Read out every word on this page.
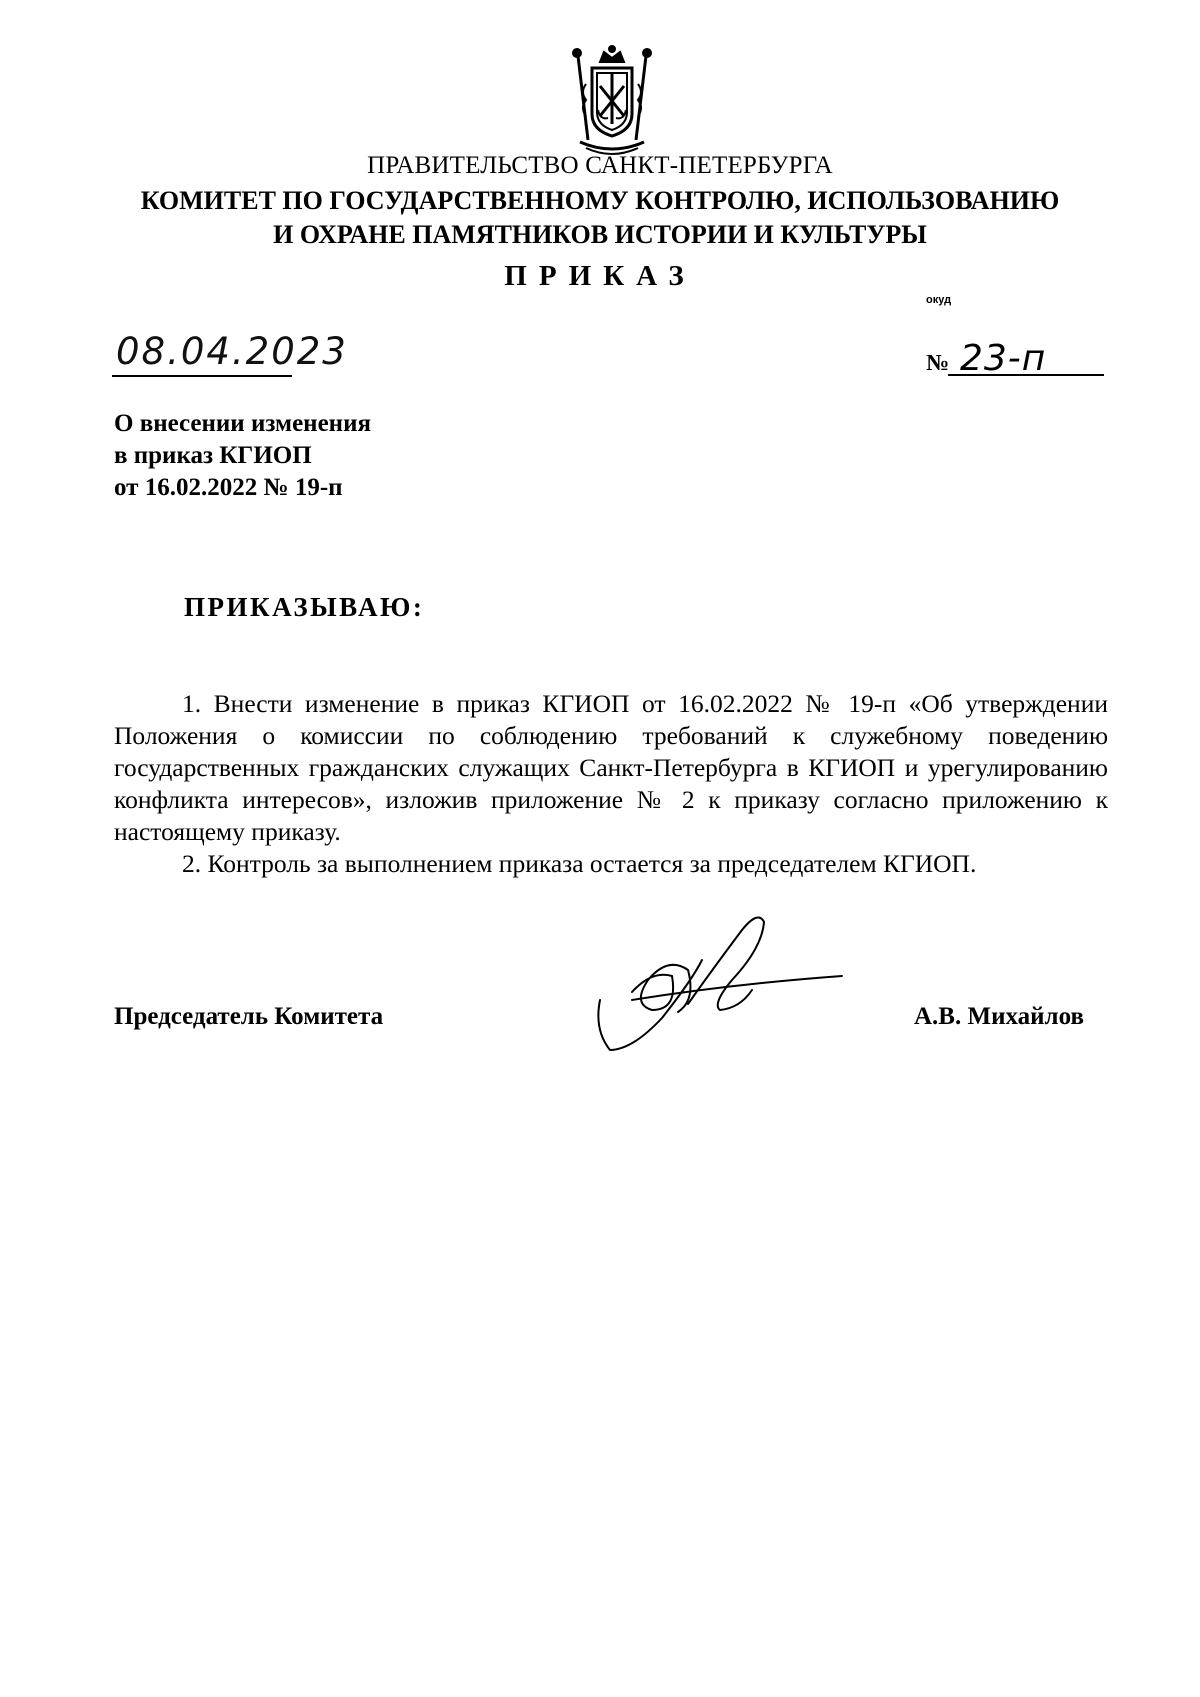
ПРАВИТЕЛЬСТВО САНКТ-ПЕТЕРБУРГА
КОМИТЕТ ПО ГОСУДАРСТВЕННОМУ КОНТРОЛЮ, ИСПОЛЬЗОВАНИЮ
И ОХРАНЕ ПАМЯТНИКОВ ИСТОРИИ И КУЛЬТУРЫ
ПРИКАЗ
окуд
08.04.2023	№ 23-п
О внесении изменения
в приказ КГИОП
от 16.02.2022 № 19-п
ПРИКАЗЫВАЮ:

1. Внести изменение в приказ КГИОП от 16.02.2022 № 19-п «Об утверждении Положения о комиссии по соблюдению требований к служебному поведению государственных гражданских служащих Санкт-Петербурга в КГИОП и урегулированию конфликта интересов», изложив приложение № 2 к приказу согласно приложению к настоящему приказу.

2. Контроль за выполнением приказа остается за председателем КГИОП.

Председатель Комитета	А.В. Михайлов
